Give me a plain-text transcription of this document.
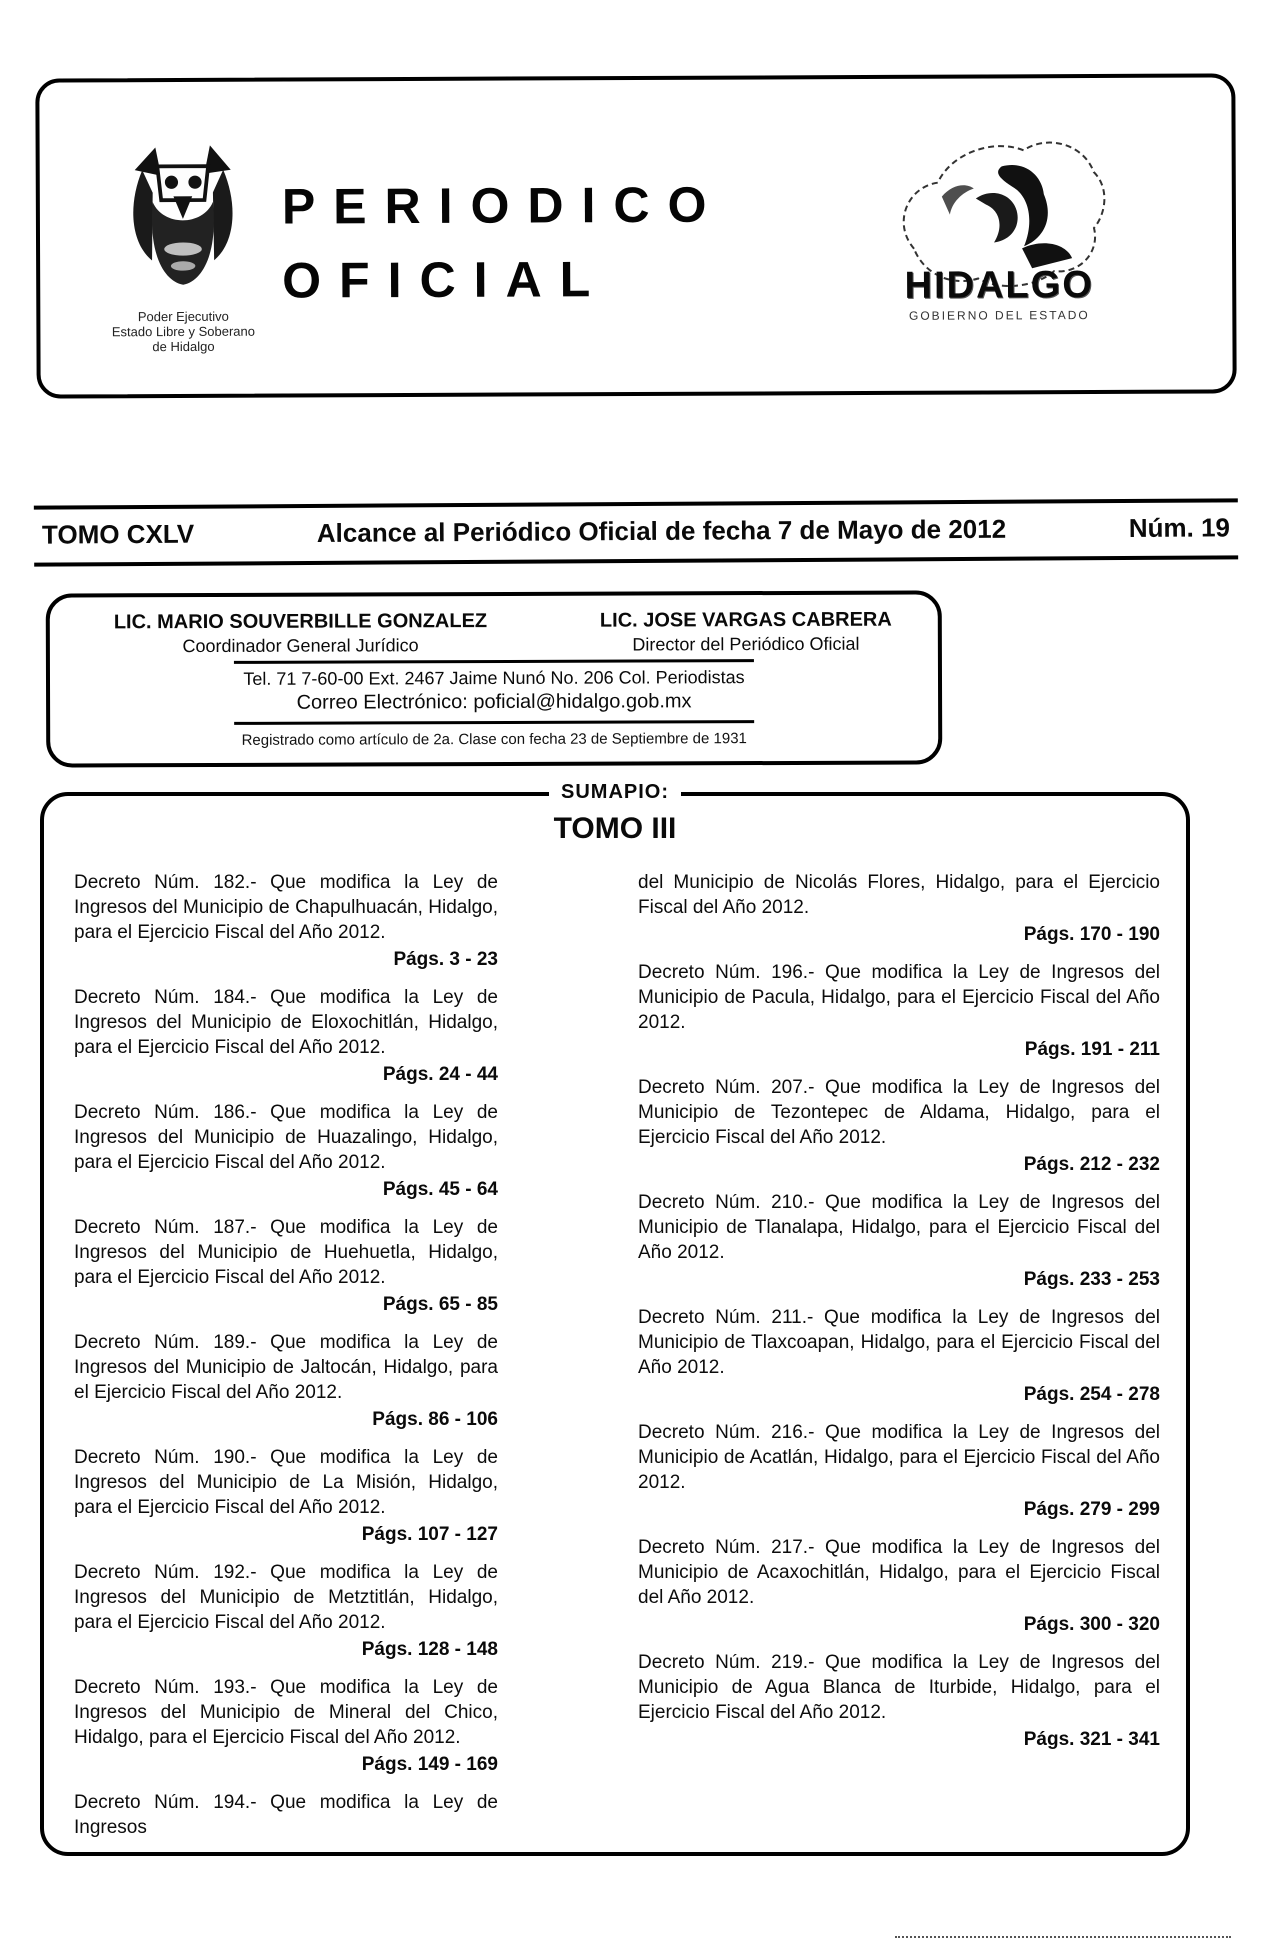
Poder Ejecutivo
Estado Libre y Soberano
de Hidalgo
PERIODICO
OFICIAL	HIDALGO
GOBIERNO DEL ESTADO
TOMO CXLV	Alcance al Periódico Oficial de fecha 7 de Mayo de 2012	Núm. 19
LIC. MARIO SOUVERBILLE GONZALEZ
Coordinador General Jurídico
LIC. JOSE VARGAS CABRERA
Director del Periódico Oficial
Tel. 71 7-60-00 Ext. 2467 Jaime Nunó No. 206 Col. Periodistas
Correo Electrónico: poficial@hidalgo.gob.mx
Registrado como artículo de 2a. Clase con fecha 23 de Septiembre de 1931
SUMAPIO:
TOMO III

Decreto Núm. 182.- Que modifica la Ley de Ingresos del Municipio de Chapulhuacán, Hidalgo, para el Ejercicio Fiscal del Año 2012.

Págs. 3 - 23

Decreto Núm. 184.- Que modifica la Ley de Ingresos del Municipio de Eloxochitlán, Hidalgo, para el Ejercicio Fiscal del Año 2012.

Págs. 24 - 44

Decreto Núm. 186.- Que modifica la Ley de Ingresos del Municipio de Huazalingo, Hidalgo, para el Ejercicio Fiscal del Año 2012.

Págs. 45 - 64

Decreto Núm. 187.- Que modifica la Ley de Ingresos del Municipio de Huehuetla, Hidalgo, para el Ejercicio Fiscal del Año 2012.

Págs. 65 - 85

Decreto Núm. 189.- Que modifica la Ley de Ingresos del Municipio de Jaltocán, Hidalgo, para el Ejercicio Fiscal del Año 2012.

Págs. 86 - 106

Decreto Núm. 190.- Que modifica la Ley de Ingresos del Municipio de La Misión, Hidalgo, para el Ejercicio Fiscal del Año 2012.

Págs. 107 - 127

Decreto Núm. 192.- Que modifica la Ley de Ingresos del Municipio de Metztitlán, Hidalgo, para el Ejercicio Fiscal del Año 2012.

Págs. 128 - 148

Decreto Núm. 193.- Que modifica la Ley de Ingresos del Municipio de Mineral del Chico, Hidalgo, para el Ejercicio Fiscal del Año 2012.

Págs. 149 - 169

Decreto Núm. 194.- Que modifica la Ley de Ingresos

del Municipio de Nicolás Flores, Hidalgo, para el Ejercicio Fiscal del Año 2012.

Págs. 170 - 190

Decreto Núm. 196.- Que modifica la Ley de Ingresos del Municipio de Pacula, Hidalgo, para el Ejercicio Fiscal del Año 2012.

Págs. 191 - 211

Decreto Núm. 207.- Que modifica la Ley de Ingresos del Municipio de Tezontepec de Aldama, Hidalgo, para el Ejercicio Fiscal del Año 2012.

Págs. 212 - 232

Decreto Núm. 210.- Que modifica la Ley de Ingresos del Municipio de Tlanalapa, Hidalgo, para el Ejercicio Fiscal del Año 2012.

Págs. 233 - 253

Decreto Núm. 211.- Que modifica la Ley de Ingresos del Municipio de Tlaxcoapan, Hidalgo, para el Ejercicio Fiscal del Año 2012.

Págs. 254 - 278

Decreto Núm. 216.- Que modifica la Ley de Ingresos del Municipio de Acatlán, Hidalgo, para el Ejercicio Fiscal del Año 2012.

Págs. 279 - 299

Decreto Núm. 217.- Que modifica la Ley de Ingresos del Municipio de Acaxochitlán, Hidalgo, para el Ejercicio Fiscal del Año 2012.

Págs. 300 - 320

Decreto Núm. 219.- Que modifica la Ley de Ingresos del Municipio de Agua Blanca de Iturbide, Hidalgo, para el Ejercicio Fiscal del Año 2012.

Págs. 321 - 341
